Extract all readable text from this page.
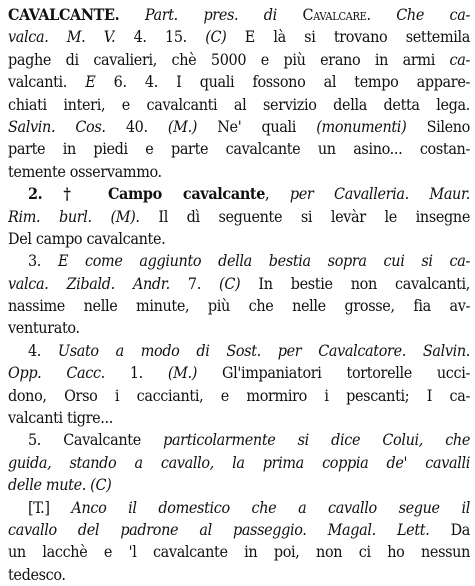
CAVALCANTE. Part. pres. di Cavalcare. Che ca-
valca. M. V. 4. 15. (C) E là si trovano settemila
paghe di cavalieri, chè 5000 e più erano in armi ca-
valcanti. E 6. 4. I quali fossono al tempo appare-
chiati interi, e cavalcanti al servizio della detta lega.
Salvin. Cos. 40. (M.) Ne' quali (monumenti) Sileno
parte in piedi e parte cavalcante un asino... costan-
temente osservammo.
2. † Campo cavalcante, per Cavalleria. Maur.
Rim. burl. (M). Il dì seguente si levàr le insegne
Del campo cavalcante.
3. E come aggiunto della bestia sopra cui si ca-
valca. Zibald. Andr. 7. (C) In bestie non cavalcanti,
nassime nelle minute, più che nelle grosse, fia av-
venturato.
4. Usato a modo di Sost. per Cavalcatore. Salvin.
Opp. Cacc. 1. (M.) Gl'impaniatori tortorelle ucci-
dono, Orso i caccianti, e mormiro i pescanti; I ca-
valcanti tigre...
5. Cavalcante particolarmente si dice Colui, che
guida, stando a cavallo, la prima coppia de' cavalli
delle mute. (C)
[T.] Anco il domestico che a cavallo segue il
cavallo del padrone al passeggio. Magal. Lett. Da
un lacchè e 'l cavalcante in poi, non ci ho nessun
tedesco.
